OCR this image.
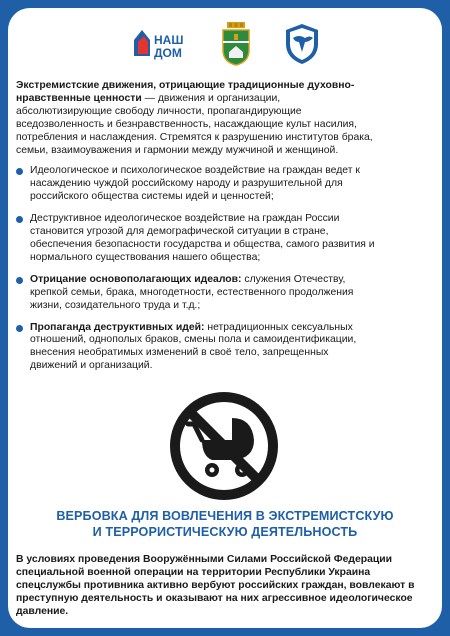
НАШ
ДОМ

Экстремистские движения, отрицающие традиционные духовно-нравственные ценности — движения и организации, абсолютизирующие свободу личности, пропагандирующие вседозволенность и безнравственность, насаждающие культ насилия, потребления и наслаждения. Стремятся к разрушению институтов брака, семьи, взаимоуважения и гармонии между мужчиной и женщиной.

Идеологическое и психологическое воздействие на граждан ведет к насаждению чуждой российскому народу и разрушительной для российского общества системы идей и ценностей;
Деструктивное идеологическое воздействие на граждан России становится угрозой для демографической ситуации в стране, обеспечения безопасности государства и общества, самого развития и нормального существования нашего общества;
Отрицание основополагающих идеалов: служения Отечеству, крепкой семьи, брака, многодетности, естественного продолжения жизни, созидательного труда и т.д.;
Пропаганда деструктивных идей: нетрадиционных сексуальных отношений, однополых браков, смены пола и самоидентификации, внесения необратимых изменений в своё тело, запрещенных движений и организаций.
ВЕРБОВКА ДЛЯ ВОВЛЕЧЕНИЯ В ЭКСТРЕМИСТСКУЮ
И ТЕРРОРИСТИЧЕСКУЮ ДЕЯТЕЛЬНОСТЬ
В условиях проведения Вооружёнными Силами Российской Федерации специальной военной операции на территории Республики Украина спецслужбы противника активно вербуют российских граждан, вовлекают в преступную деятельность и оказывают на них агрессивное идеологическое давление.
